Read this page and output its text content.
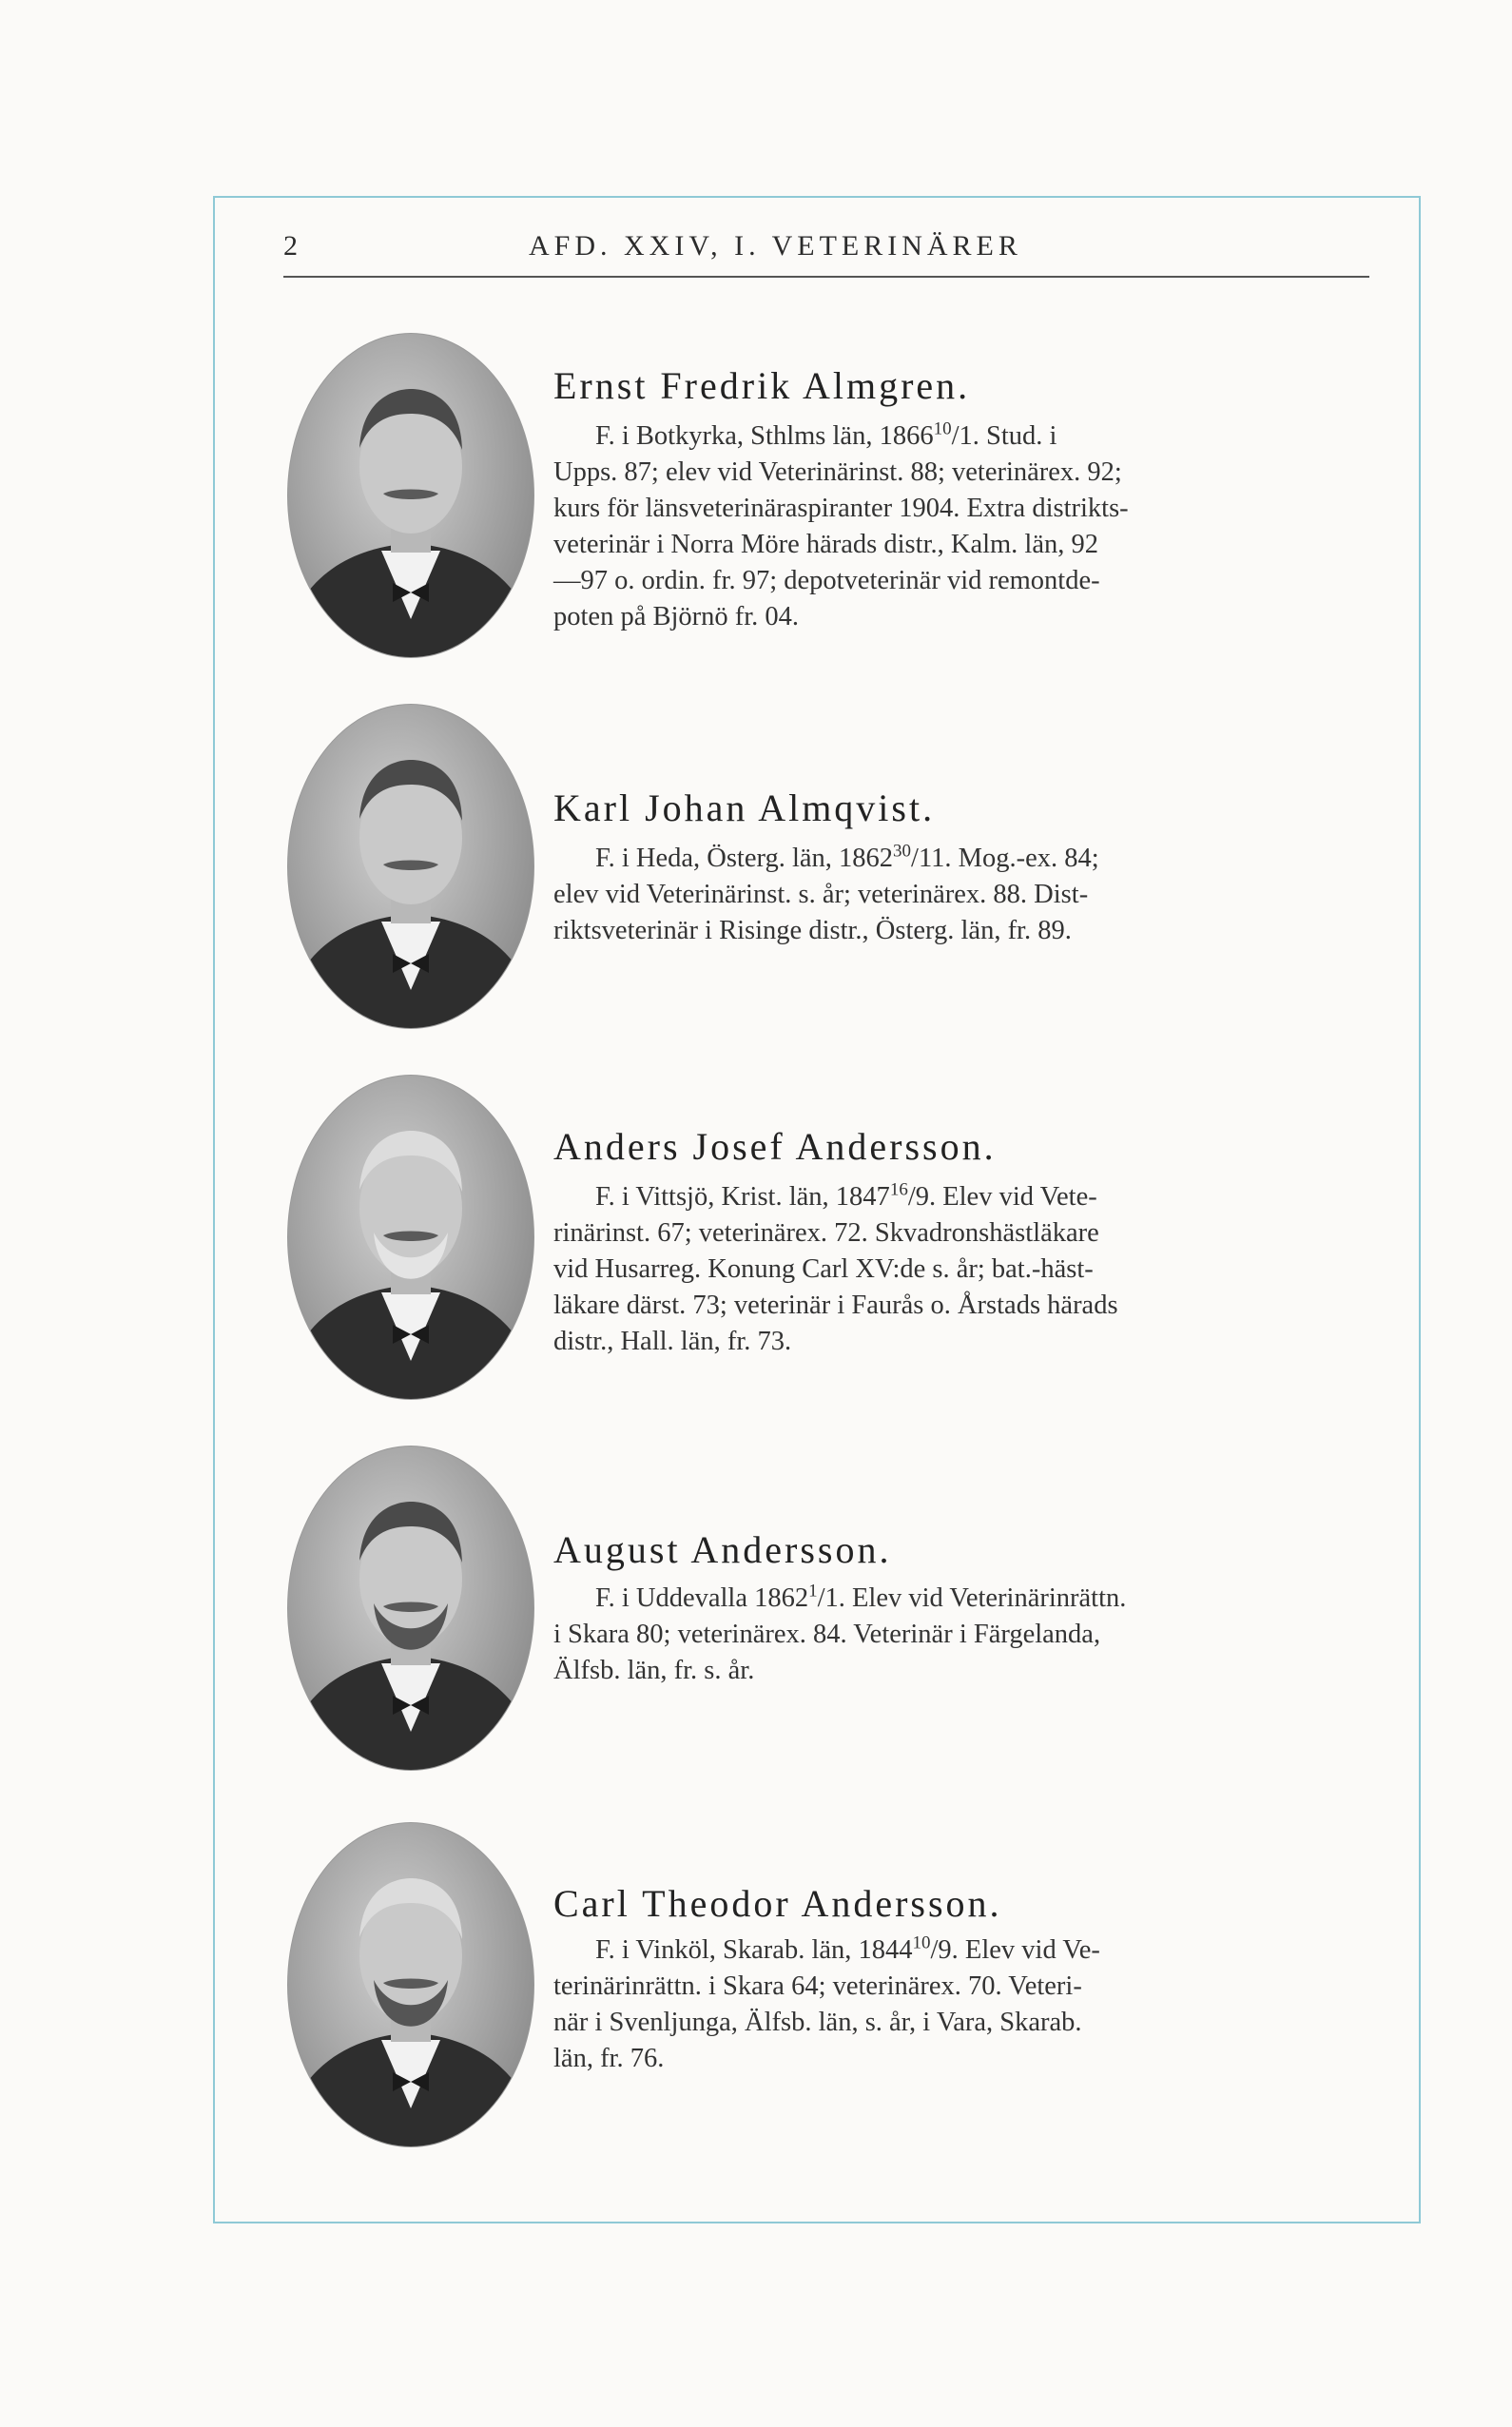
2	AFD. XXIV, I. VETERINÄRER
Ernst Fredrik Almgren.
F. i Botkyrka, Sthlms län, 1866$^{10}$/1. Stud. i
Upps. 87; elev vid Veterinärinst. 88; veterinärex. 92;
kurs för länsveterinäraspiranter 1904. Extra distrikts-
veterinär i Norra Möre härads distr., Kalm. län, 92
—97 o. ordin. fr. 97; depotveterinär vid remontde-
poten på Björnö fr. 04.
Karl Johan Almqvist.
F. i Heda, Österg. län, 1862$^{30}$/11. Mog.-ex. 84;
elev vid Veterinärinst. s. år; veterinärex. 88. Dist-
riktsveterinär i Risinge distr., Österg. län, fr. 89.
Anders Josef Andersson.
F. i Vittsjö, Krist. län, 1847$^{16}$/9. Elev vid Vete-
rinärinst. 67; veterinärex. 72. Skvadronshästläkare
vid Husarreg. Konung Carl XV:de s. år; bat.-häst-
läkare därst. 73; veterinär i Faurås o. Årstads härads
distr., Hall. län, fr. 73.
August Andersson.
F. i Uddevalla 1862$^1$/1. Elev vid Veterinärinrättn.
i Skara 80; veterinärex. 84. Veterinär i Färgelanda,
Älfsb. län, fr. s. år.
Carl Theodor Andersson.
F. i Vinköl, Skarab. län, 1844$^{10}$/9. Elev vid Ve-
terinärinrättn. i Skara 64; veterinärex. 70. Veteri-
när i Svenljunga, Älfsb. län, s. år, i Vara, Skarab.
län, fr. 76.
